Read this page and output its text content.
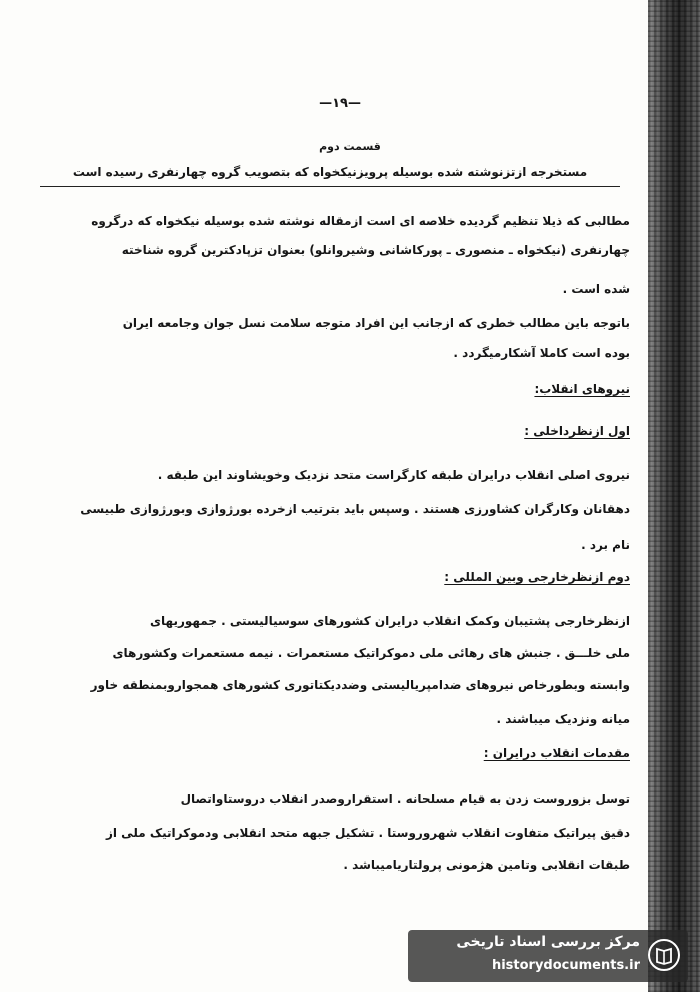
—۱۹—
قسمت دوم
مستخرجه ازتزنوشته شده بوسیله پرویزنیکخواه که بتصویب گروه چهارنفری رسیده است
مطالبی که ذیلا تنظیم گردیده خلاصه ای است ازمقاله نوشته شده بوسیله نیکخواه که درگروه
چهارنفری (نیکخواه ـ منصوری ـ پورکاشانی وشیروانلو) بعنوان تزپادکترین گروه شناخته
شده است .
باتوجه باین مطالب خطری که ازجانب این افراد متوجه سلامت نسل جوان وجامعه ایران
بوده است کاملا آشکارمیگردد .
نیروهای انقلاب:
اول ازنظرداخلی :
نیروی اصلی انقلاب درایران طبقه کارگراست متحد نزدیک وخویشاوند این طبقه .
دهقانان وکارگران کشاورزی هستند . وسپس باید بترتیب ازخرده بورژوازی وبورژوازی طبیسی
نام برد .
دوم ازنظرخارجی وبین المللی :
ازنظرخارجی پشتیبان وکمک انقلاب درایران کشورهای سوسیالیستی . جمهوریهای
ملی خلـــق . جنبش های رهائی ملی دموکراتیک مستعمرات . نیمه مستعمرات وکشورهای
وابسته وبطورخاص نیروهای ضدامپریالیستی وضددیکتاتوری کشورهای همجواروبمنطقه خاور
میانه ونزدیک میباشند .
مقدمات انقلاب درایران :
توسل بزوروست زدن به قیام مسلحانه . استقراروصدر انقلاب دروستاواتصال
دقیق پیراتیک متفاوت انقلاب شهروروستا . تشکیل جبهه متحد انقلابی ودموکراتیک ملی از
طبقات انقلابی وتامین هژمونی پرولتاریامیباشد .
مرکز بررسی اسناد تاریخی
historydocuments.ir
